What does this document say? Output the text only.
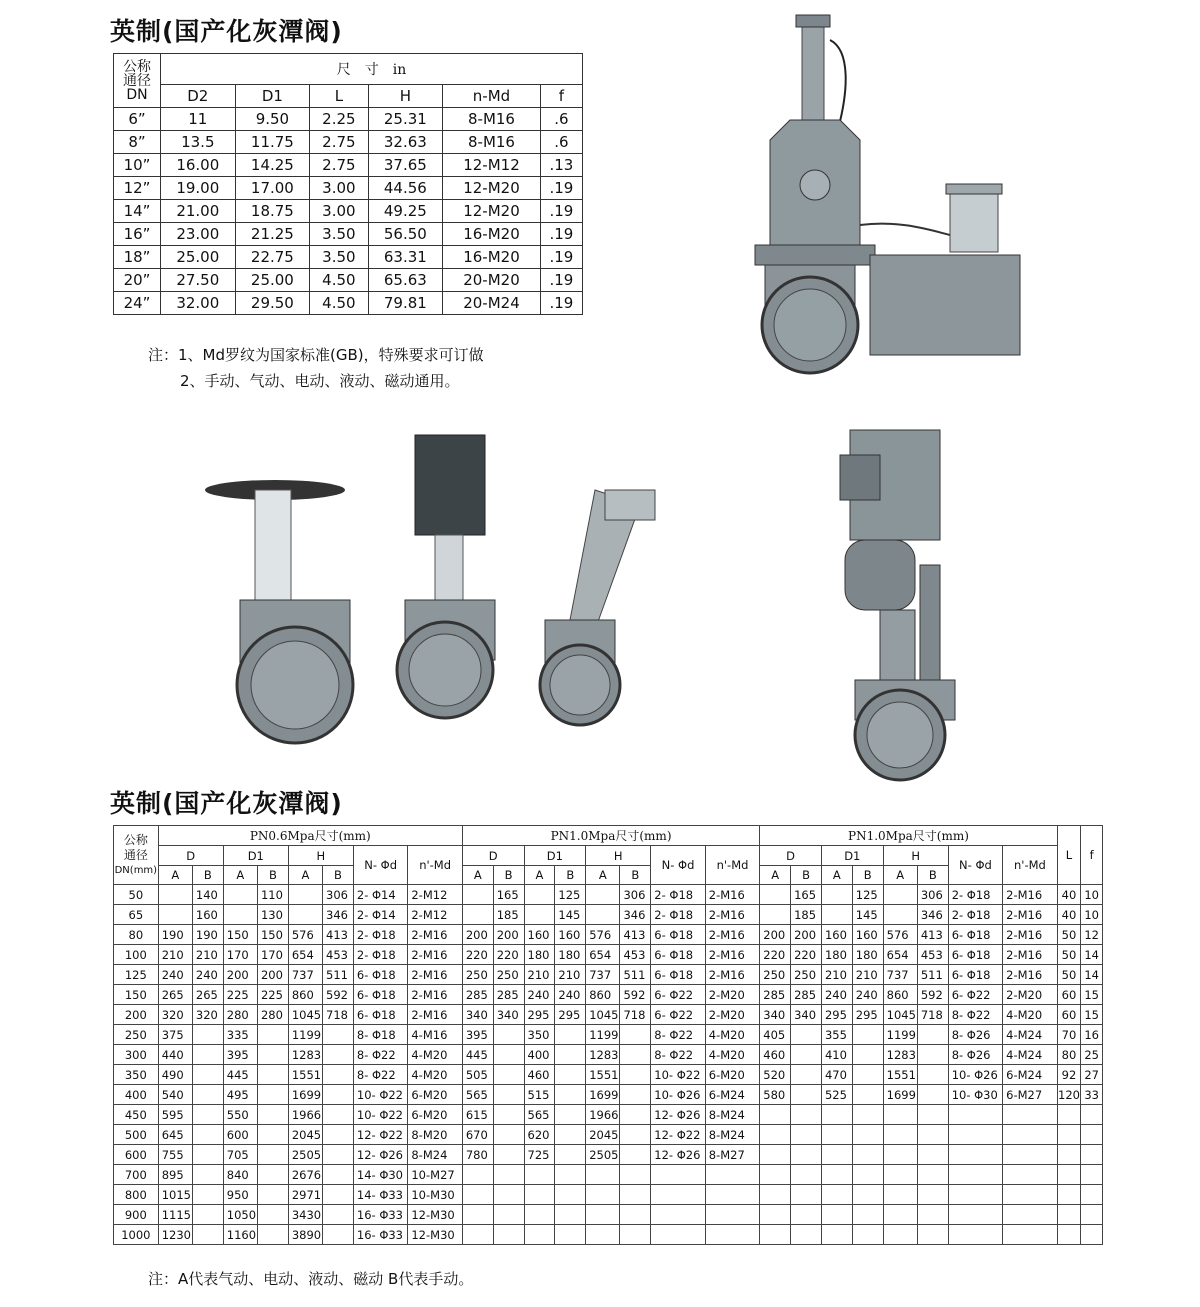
英制(国产化灰潭阀)
公称
通径
DN	尺　寸　in					
	D2	D1	L	H	n-Md	f
6”	11	9.50	2.25	25.31	8-M16	.6
8”	13.5	11.75	2.75	32.63	8-M16	.6
10”	16.00	14.25	2.75	37.65	12-M12	.13
12”	19.00	17.00	3.00	44.56	12-M20	.19
14”	21.00	18.75	3.00	49.25	12-M20	.19
16”	23.00	21.25	3.50	56.50	16-M20	.19
18”	25.00	22.75	3.50	63.31	16-M20	.19
20”	27.50	25.00	4.50	65.63	20-M20	.19
24”	32.00	29.50	4.50	79.81	20-M24	.19
注：1、Md罗纹为国家标准(GB)，特殊要求可订做
2、手动、气动、电动、液动、磁动通用。
英制(国产化灰潭阀)
公称
通径
DN(mm)	PN0.6Mpa尺寸(mm)								PN1.0Mpa尺寸(mm)								PN1.0Mpa尺寸(mm)								L	f
	D		D1		H		N- Φd	n'-Md	D		D1		H		N- Φd	n'-Md	D		D1		H		N- Φd	n'-Md		
	A	B	A	B	A	B			A	B	A	B	A	B			A	B	A	B	A	B				
50		140		110		306	2- Φ14	2-M12		165		125		306	2- Φ18	2-M16		165		125		306	2- Φ18	2-M16	40	10
65		160		130		346	2- Φ14	2-M12		185		145		346	2- Φ18	2-M16		185		145		346	2- Φ18	2-M16	40	10
80	190	190	150	150	576	413	2- Φ18	2-M16	200	200	160	160	576	413	6- Φ18	2-M16	200	200	160	160	576	413	6- Φ18	2-M16	50	12
100	210	210	170	170	654	453	2- Φ18	2-M16	220	220	180	180	654	453	6- Φ18	2-M16	220	220	180	180	654	453	6- Φ18	2-M16	50	14
125	240	240	200	200	737	511	6- Φ18	2-M16	250	250	210	210	737	511	6- Φ18	2-M16	250	250	210	210	737	511	6- Φ18	2-M16	50	14
150	265	265	225	225	860	592	6- Φ18	2-M16	285	285	240	240	860	592	6- Φ22	2-M20	285	285	240	240	860	592	6- Φ22	2-M20	60	15
200	320	320	280	280	1045	718	6- Φ18	2-M16	340	340	295	295	1045	718	6- Φ22	2-M20	340	340	295	295	1045	718	8- Φ22	4-M20	60	15
250	375		335		1199		8- Φ18	4-M16	395		350		1199		8- Φ22	4-M20	405		355		1199		8- Φ26	4-M24	70	16
300	440		395		1283		8- Φ22	4-M20	445		400		1283		8- Φ22	4-M20	460		410		1283		8- Φ26	4-M24	80	25
350	490		445		1551		8- Φ22	4-M20	505		460		1551		10- Φ22	6-M20	520		470		1551		10- Φ26	6-M24	92	27
400	540		495		1699		10- Φ22	6-M20	565		515		1699		10- Φ26	6-M24	580		525		1699		10- Φ30	6-M27	120	33
450	595		550		1966		10- Φ22	6-M20	615		565		1966		12- Φ26	8-M24										
500	645		600		2045		12- Φ22	8-M20	670		620		2045		12- Φ22	8-M24										
600	755		705		2505		12- Φ26	8-M24	780		725		2505		12- Φ26	8-M27										
700	895		840		2676		14- Φ30	10-M27																		
800	1015		950		2971		14- Φ33	10-M30																		
900	1115		1050		3430		16- Φ33	12-M30																		
1000	1230		1160		3890		16- Φ33	12-M30																		
注：A代表气动、电动、液动、磁动 B代表手动。
